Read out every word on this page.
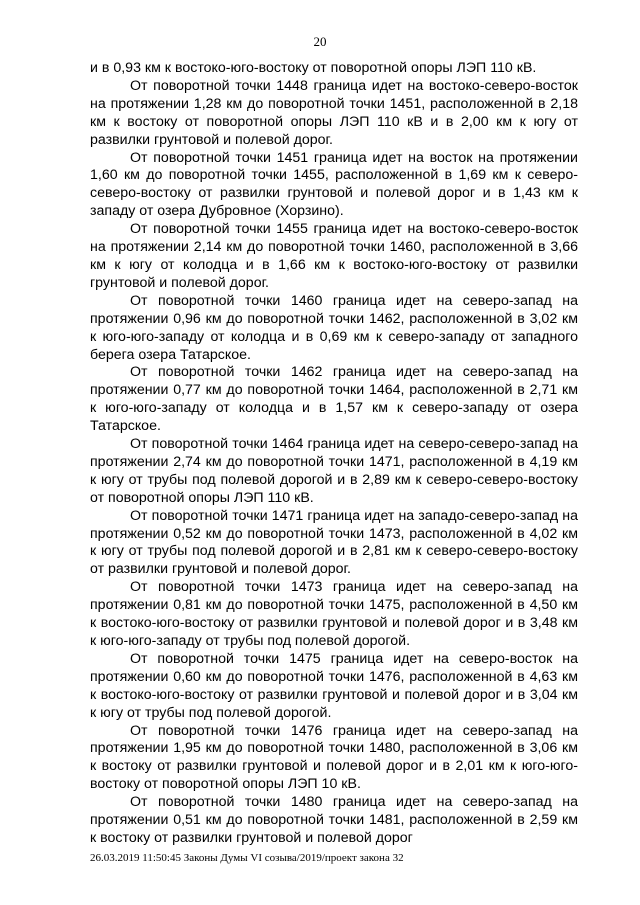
20

и в 0,93 км к востоко-юго-востоку от поворотной опоры ЛЭП 110 кВ.

От поворотной точки 1448 граница идет на востоко-северо-восток на протяжении 1,28 км до поворотной точки 1451, расположенной в 2,18 км к востоку от поворотной опоры ЛЭП 110 кВ и в 2,00 км к югу от развилки грунтовой и полевой дорог.

От поворотной точки 1451 граница идет на восток на протяжении 1,60 км до поворотной точки 1455, расположенной в 1,69 км к северо-северо-востоку от развилки грунтовой и полевой дорог и в 1,43 км к западу от озера Дубровное (Хорзино).

От поворотной точки 1455 граница идет на востоко-северо-восток на протяжении 2,14 км до поворотной точки 1460, расположенной в 3,66 км к югу от колодца и в 1,66 км к востоко-юго-востоку от развилки грунтовой и полевой дорог.

От поворотной точки 1460 граница идет на северо-запад на протяжении 0,96 км до поворотной точки 1462, расположенной в 3,02 км к юго-юго-западу от колодца и в 0,69 км к северо-западу от западного берега озера Татарское.

От поворотной точки 1462 граница идет на северо-запад на протяжении 0,77 км до поворотной точки 1464, расположенной в 2,71 км к юго-юго-западу от колодца и в 1,57 км к северо-западу от озера Татарское.

От поворотной точки 1464 граница идет на северо-северо-запад на протяжении 2,74 км до поворотной точки 1471, расположенной в 4,19 км к югу от трубы под полевой дорогой и в 2,89 км к северо-северо-востоку от поворотной опоры ЛЭП 110 кВ.

От поворотной точки 1471 граница идет на западо-северо-запад на протяжении 0,52 км до поворотной точки 1473, расположенной в 4,02 км к югу от трубы под полевой дорогой и в 2,81 км к северо-северо-востоку от развилки грунтовой и полевой дорог.

От поворотной точки 1473 граница идет на северо-запад на протяжении 0,81 км до поворотной точки 1475, расположенной в 4,50 км к востоко-юго-востоку от развилки грунтовой и полевой дорог и в 3,48 км к юго-юго-западу от трубы под полевой дорогой.

От поворотной точки 1475 граница идет на северо-восток на протяжении 0,60 км до поворотной точки 1476, расположенной в 4,63 км к востоко-юго-востоку от развилки грунтовой и полевой дорог и в 3,04 км к югу от трубы под полевой дорогой.

От поворотной точки 1476 граница идет на северо-запад на протяжении 1,95 км до поворотной точки 1480, расположенной в 3,06 км к востоку от развилки грунтовой и полевой дорог и в 2,01 км к юго-юго-востоку от поворотной опоры ЛЭП 10 кВ.

От поворотной точки 1480 граница идет на северо-запад на протяжении 0,51 км до поворотной точки 1481, расположенной в 2,59 км к востоку от развилки грунтовой и полевой дорог

26.03.2019 11:50:45 Законы Думы VI созыва/2019/проект закона 32
